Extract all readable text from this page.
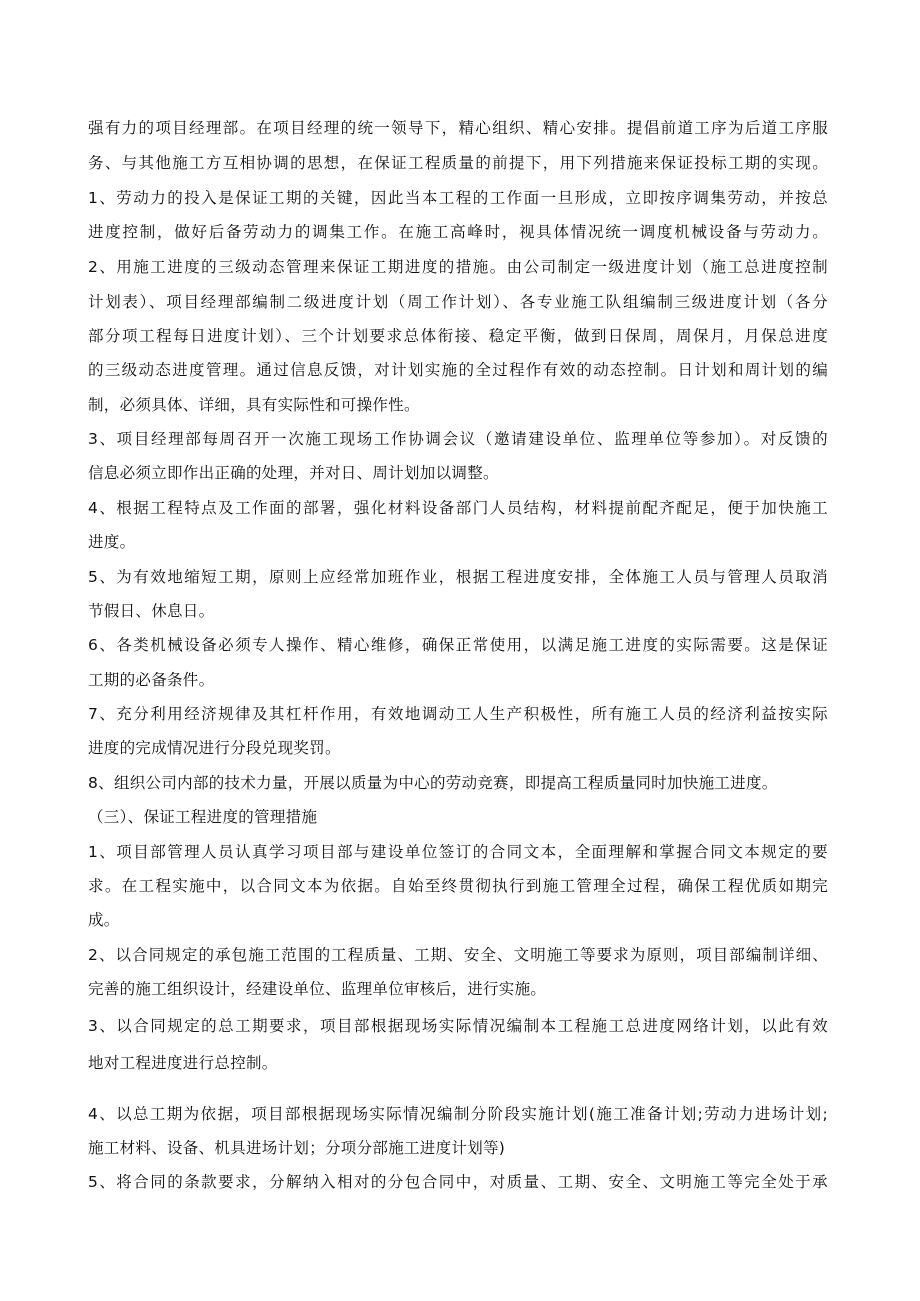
强有力的项目经理部。在项目经理的统一领导下，精心组织、精心安排。提倡前道工序为后道工序服
务、与其他施工方互相协调的思想，在保证工程质量的前提下，用下列措施来保证投标工期的实现。
1、劳动力的投入是保证工期的关键，因此当本工程的工作面一旦形成，立即按序调集劳动，并按总
进度控制，做好后备劳动力的调集工作。在施工高峰时，视具体情况统一调度机械设备与劳动力。
2、用施工进度的三级动态管理来保证工期进度的措施。由公司制定一级进度计划（施工总进度控制
计划表）、项目经理部编制二级进度计划（周工作计划）、各专业施工队组编制三级进度计划（各分
部分项工程每日进度计划）、三个计划要求总体衔接、稳定平衡，做到日保周，周保月，月保总进度
的三级动态进度管理。通过信息反馈，对计划实施的全过程作有效的动态控制。日计划和周计划的编
制，必须具体、详细，具有实际性和可操作性。
3、项目经理部每周召开一次施工现场工作协调会议（邀请建设单位、监理单位等参加）。对反馈的
信息必须立即作出正确的处理，并对日、周计划加以调整。
4、根据工程特点及工作面的部署，强化材料设备部门人员结构，材料提前配齐配足，便于加快施工
进度。
5、为有效地缩短工期，原则上应经常加班作业，根据工程进度安排，全体施工人员与管理人员取消
节假日、休息日。
6、各类机械设备必须专人操作、精心维修，确保正常使用，以满足施工进度的实际需要。这是保证
工期的必备条件。
7、充分利用经济规律及其杠杆作用，有效地调动工人生产积极性，所有施工人员的经济利益按实际
进度的完成情况进行分段兑现奖罚。
8、组织公司内部的技术力量，开展以质量为中心的劳动竞赛，即提高工程质量同时加快施工进度。
（三）、保证工程进度的管理措施
1、项目部管理人员认真学习项目部与建设单位签订的合同文本，全面理解和掌握合同文本规定的要
求。在工程实施中，以合同文本为依据。自始至终贯彻执行到施工管理全过程，确保工程优质如期完
成。
2、以合同规定的承包施工范围的工程质量、工期、安全、文明施工等要求为原则，项目部编制详细、
完善的施工组织设计，经建设单位、监理单位审核后，进行实施。
3、以合同规定的总工期要求，项目部根据现场实际情况编制本工程施工总进度网络计划，以此有效
地对工程进度进行总控制。
4、以总工期为依据，项目部根据现场实际情况编制分阶段实施计划(施工准备计划;劳动力进场计划;
施工材料、设备、机具进场计划；分项分部施工进度计划等)
5、将合同的条款要求，分解纳入相对的分包合同中，对质量、工期、安全、文明施工等完全处于承
